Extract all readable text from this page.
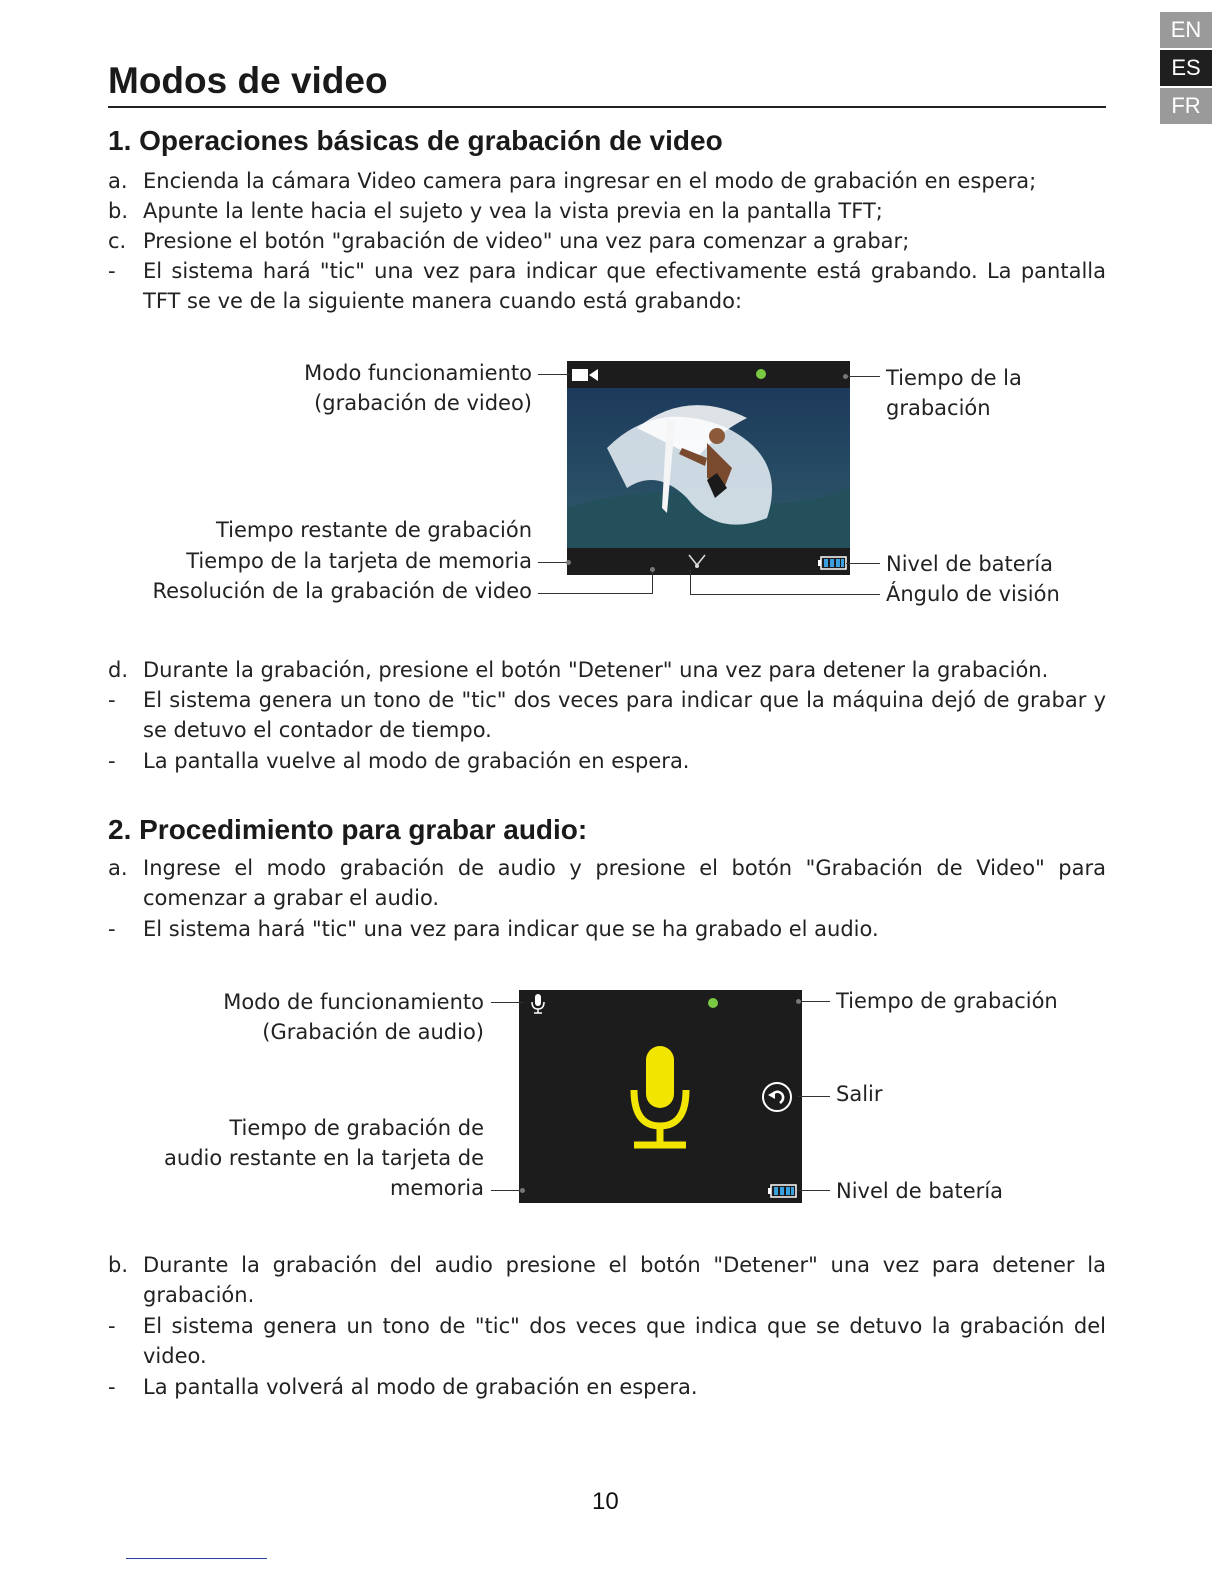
EN
ES
FR
Modos de video
1. Operaciones básicas de grabación de video
a. Encienda la cámara Video camera para ingresar en el modo de grabación en espera;
b. Apunte la lente hacia el sujeto y vea la vista previa en la pantalla TFT;
c. Presione el botón "grabación de video" una vez para comenzar a grabar;
- El sistema hará "tic" una vez para indicar que efectivamente está grabando. La pantalla TFT se ve de la siguiente manera cuando está grabando:
Modo funcionamiento
(grabación de video)
Tiempo de la
grabación
Tiempo restante de grabación
Tiempo de la tarjeta de memoria
Resolución de la grabación de video
Nivel de batería
Ángulo de visión
d. Durante la grabación, presione el botón "Detener" una vez para detener la grabación.
- El sistema genera un tono de "tic" dos veces para indicar que la máquina dejó de grabar y se detuvo el contador de tiempo.
- La pantalla vuelve al modo de grabación en espera.
2. Procedimiento para grabar audio:
a. Ingrese el modo grabación de audio y presione el botón "Grabación de Video" para comenzar a grabar el audio.
- El sistema hará "tic" una vez para indicar que se ha grabado el audio.
Modo de funcionamiento
(Grabación de audio)
Tiempo de grabación
Salir
Tiempo de grabación de
audio restante en la tarjeta de
memoria	Nivel de batería
b. Durante la grabación del audio presione el botón "Detener" una vez para detener la grabación.
- El sistema genera un tono de "tic" dos veces que indica que se detuvo la grabación del video.
- La pantalla volverá al modo de grabación en espera.
10
